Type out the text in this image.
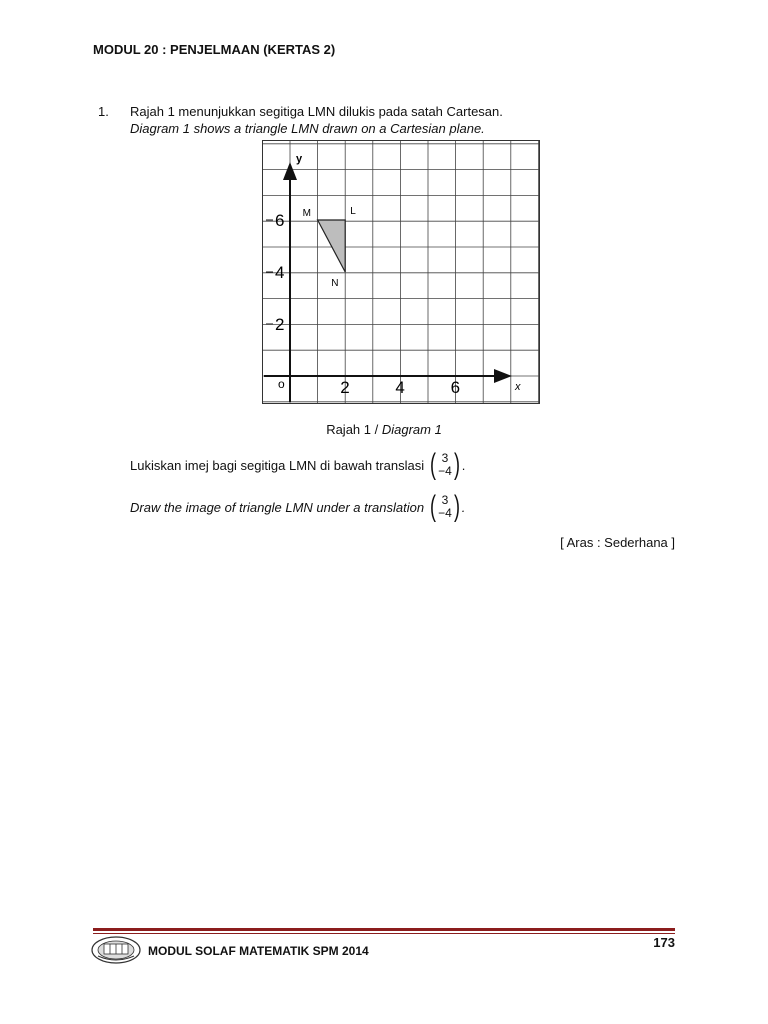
MODUL 20 : PENJELMAAN (KERTAS 2)
1. Rajah 1 menunjukkan segitiga LMN dilukis pada satah Cartesan.
Diagram 1 shows a triangle LMN drawn on a Cartesian plane.
y
x
o	2	4	6
6
4
2
M	L
N
Rajah 1 / Diagram 1
Lukiskan imej bagi segitiga LMN di bawah translasi ( 3
−4 ) .
Draw the image of triangle LMN under a translation ( 3
−4 ) .
[ Aras : Sederhana ]
MODUL SOLAF MATEMATIK SPM 2014
173
